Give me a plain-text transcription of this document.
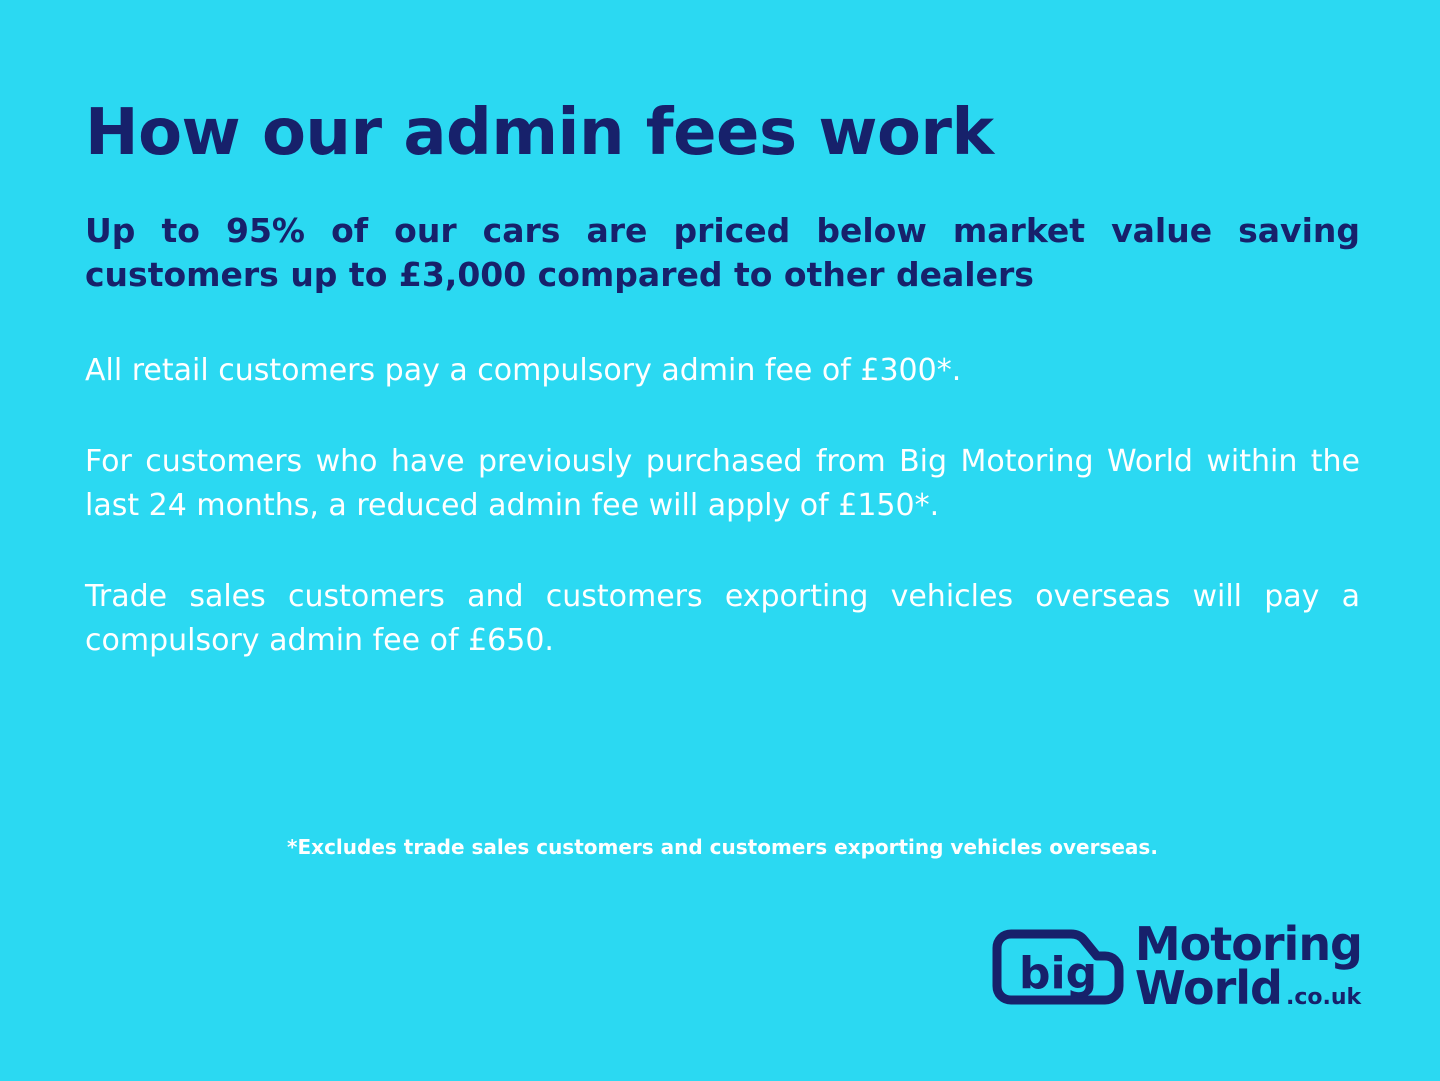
How our admin fees work

Up to 95% of our cars are priced below market value saving customers up to £3,000 compared to other dealers

All retail customers pay a compulsory admin fee of £300*.

For customers who have previously purchased from Big Motoring World within the last 24 months, a reduced admin fee will apply of £150*.

Trade sales customers and customers exporting vehicles overseas will pay a compulsory admin fee of £650.

*Excludes trade sales customers and customers exporting vehicles overseas.
big
Motoring
World .co.uk
